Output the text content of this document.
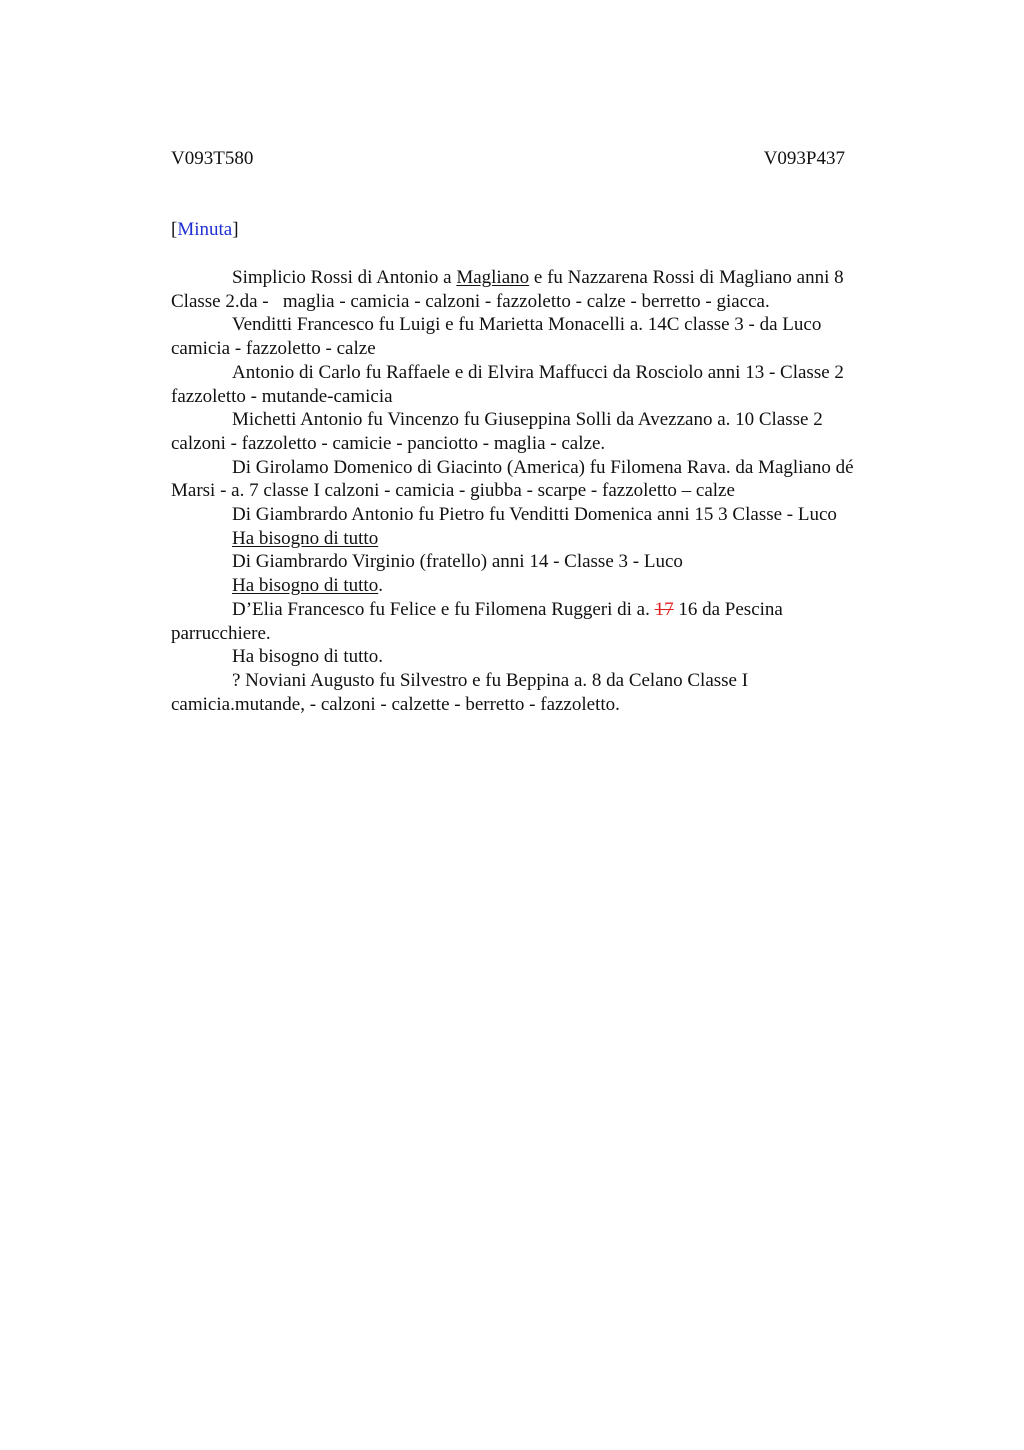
V093T580	V093P437
[Minuta]

Simplicio Rossi di Antonio a Magliano e fu Nazzarena Rossi di Magliano anni 8
Classe 2.da -   maglia - camicia - calzoni - fazzoletto - calze - berretto - giacca.

Venditti Francesco fu Luigi e fu Marietta Monacelli a. 14C classe 3 - da Luco
camicia - fazzoletto - calze

Antonio di Carlo fu Raffaele e di Elvira Maffucci da Rosciolo anni 13 - Classe 2
fazzoletto - mutande-camicia

Michetti Antonio fu Vincenzo fu Giuseppina Solli da Avezzano a. 10 Classe 2
calzoni - fazzoletto - camicie - panciotto - maglia - calze.

Di Girolamo Domenico di Giacinto (America) fu Filomena Rava. da Magliano dé
Marsi - a. 7 classe I calzoni - camicia - giubba - scarpe - fazzoletto – calze

Di Giambrardo Antonio fu Pietro fu Venditti Domenica anni 15 3 Classe - Luco
Ha bisogno di tutto

Di Giambrardo Virginio (fratello) anni 14 - Classe 3 - Luco
Ha bisogno di tutto.

D’Elia Francesco fu Felice e fu Filomena Ruggeri di a. 17 16 da Pescina
parrucchiere.

Ha bisogno di tutto.

? Noviani Augusto fu Silvestro e fu Beppina a. 8 da Celano Classe I
camicia.mutande, - calzoni - calzette - berretto - fazzoletto.
